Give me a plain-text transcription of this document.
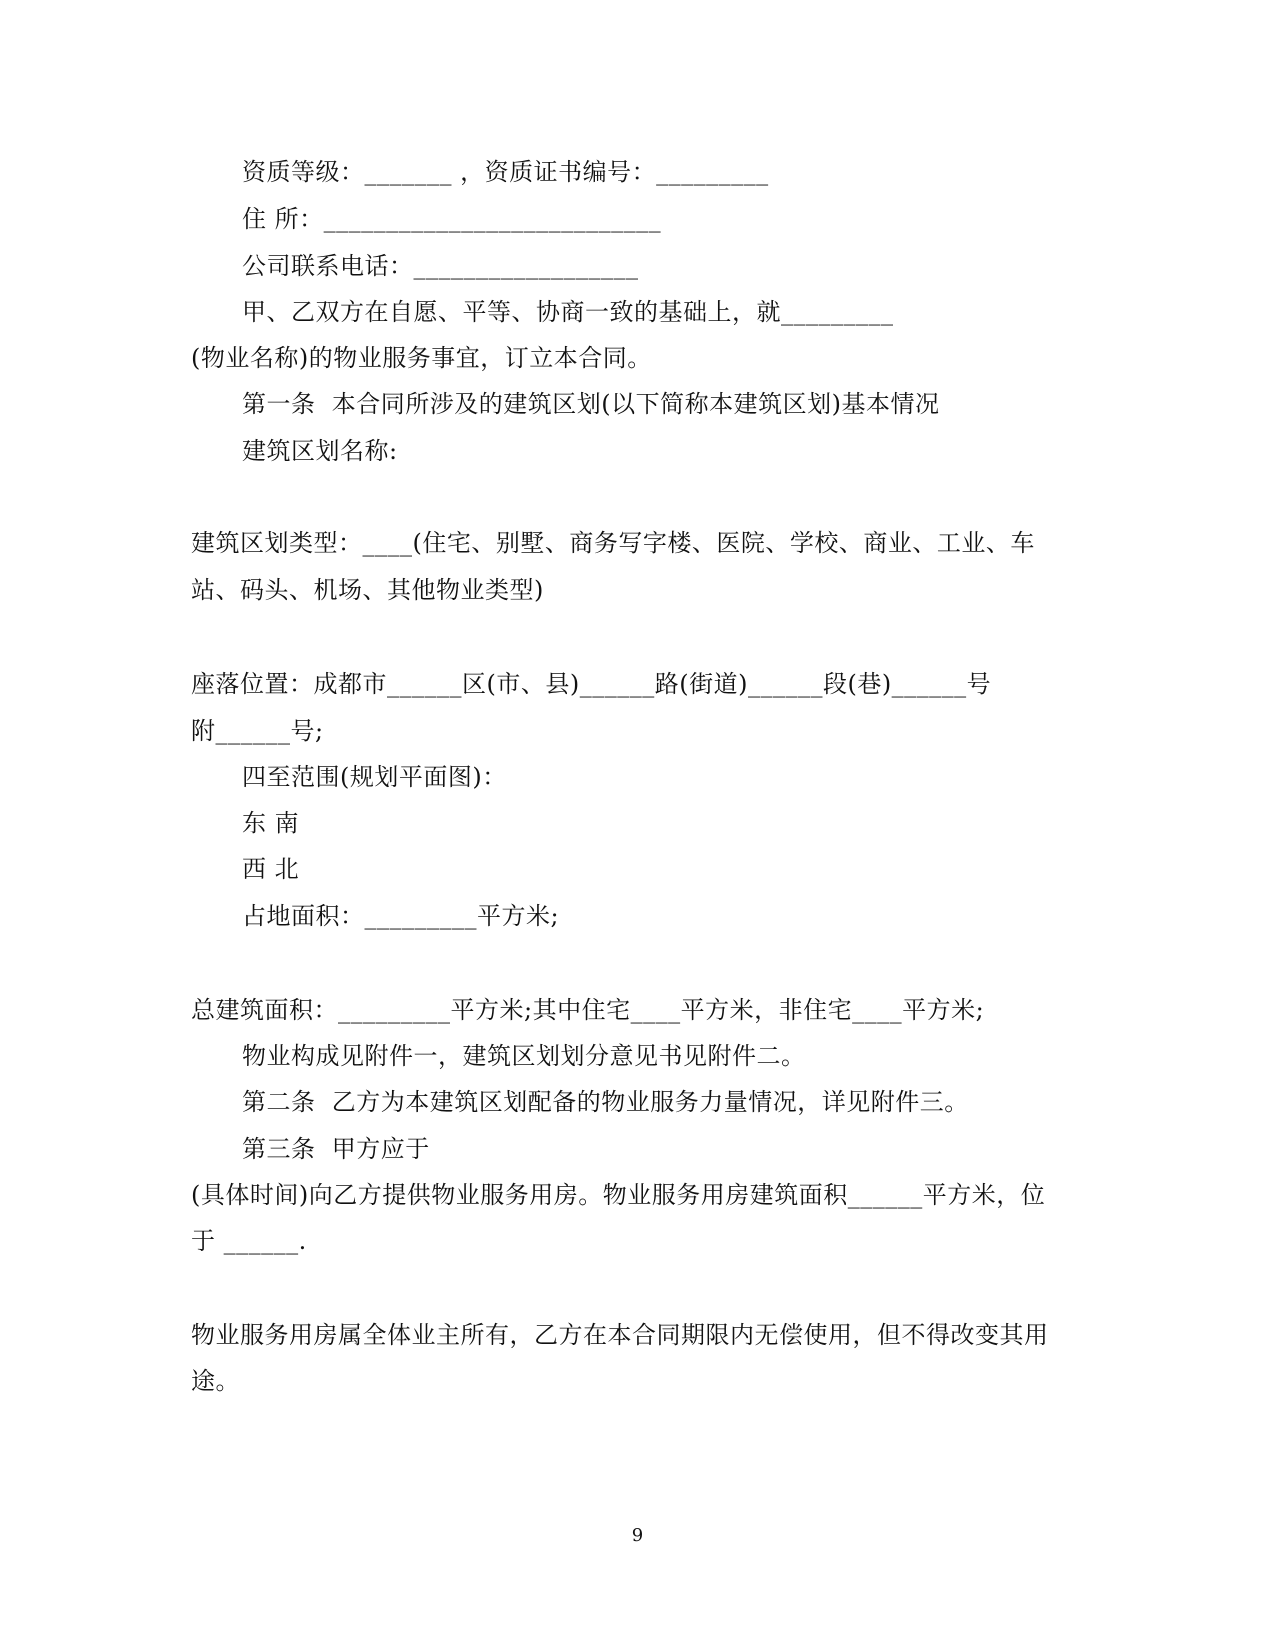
资质等级：_______ ，资质证书编号：_________
住 所：___________________________
公司联系电话：__________________
甲、乙双方在自愿、平等、协商一致的基础上，就_________
(物业名称)的物业服务事宜，订立本合同。
第一条  本合同所涉及的建筑区划(以下简称本建筑区划)基本情况
建筑区划名称:
建筑区划类型：____(住宅、别墅、商务写字楼、医院、学校、商业、工业、车
站、码头、机场、其他物业类型)
座落位置：成都市______区(市、县)______路(街道)______段(巷)______号
附______号;
四至范围(规划平面图)：
东 南
西 北
占地面积：_________平方米;
总建筑面积：_________平方米;其中住宅____平方米，非住宅____平方米;
物业构成见附件一，建筑区划划分意见书见附件二。
第二条  乙方为本建筑区划配备的物业服务力量情况，详见附件三。
第三条  甲方应于
(具体时间)向乙方提供物业服务用房。物业服务用房建筑面积______平方米，位
于 ______.
物业服务用房属全体业主所有，乙方在本合同期限内无偿使用，但不得改变其用
途。
9
